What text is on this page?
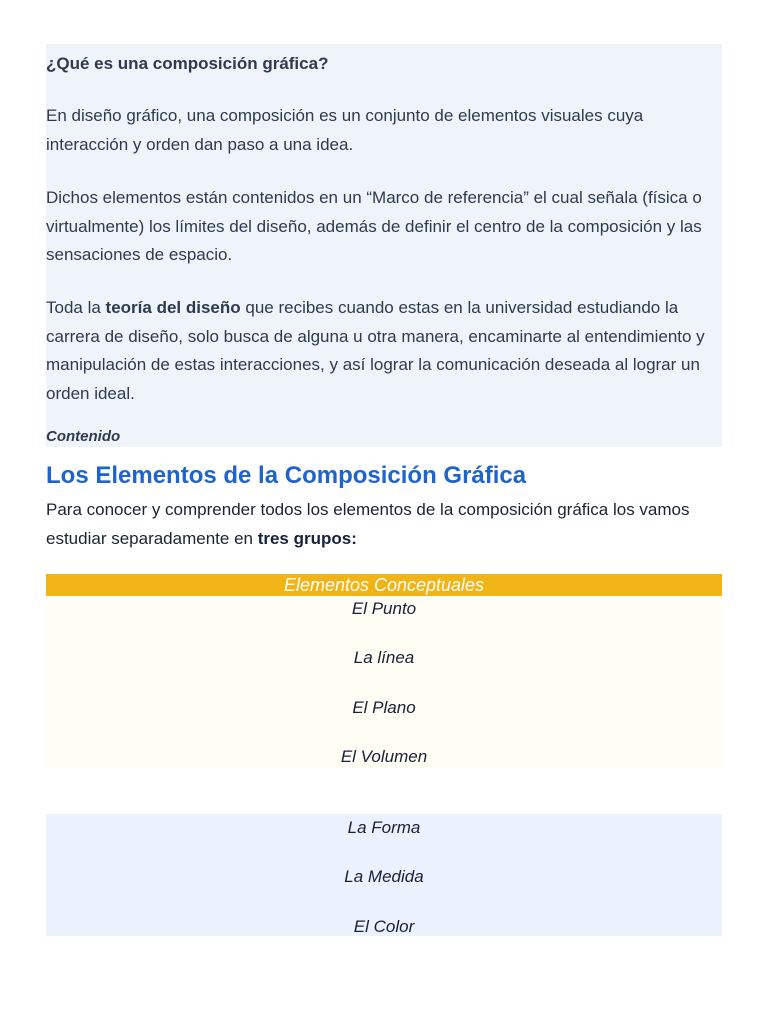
¿Qué es una composición gráfica?

En diseño gráfico, una composición es un conjunto de elementos visuales cuya interacción y orden dan paso a una idea.

Dichos elementos están contenidos en un “Marco de referencia” el cual señala (física o virtualmente) los límites del diseño, además de definir el centro de la composición y las sensaciones de espacio.

Toda la teoría del diseño que recibes cuando estas en la universidad estudiando la carrera de diseño, solo busca de alguna u otra manera, encaminarte al entendimiento y manipulación de estas interacciones, y así lograr la comunicación deseada al lograr un orden ideal.

Contenido
Los Elementos de la Composición Gráfica

Para conocer y comprender todos los elementos de la composición gráfica los vamos estudiar separadamente en tres grupos:

Elementos Conceptuales
El Punto
La línea
El Plano
El Volumen
La Forma
La Medida
El Color
